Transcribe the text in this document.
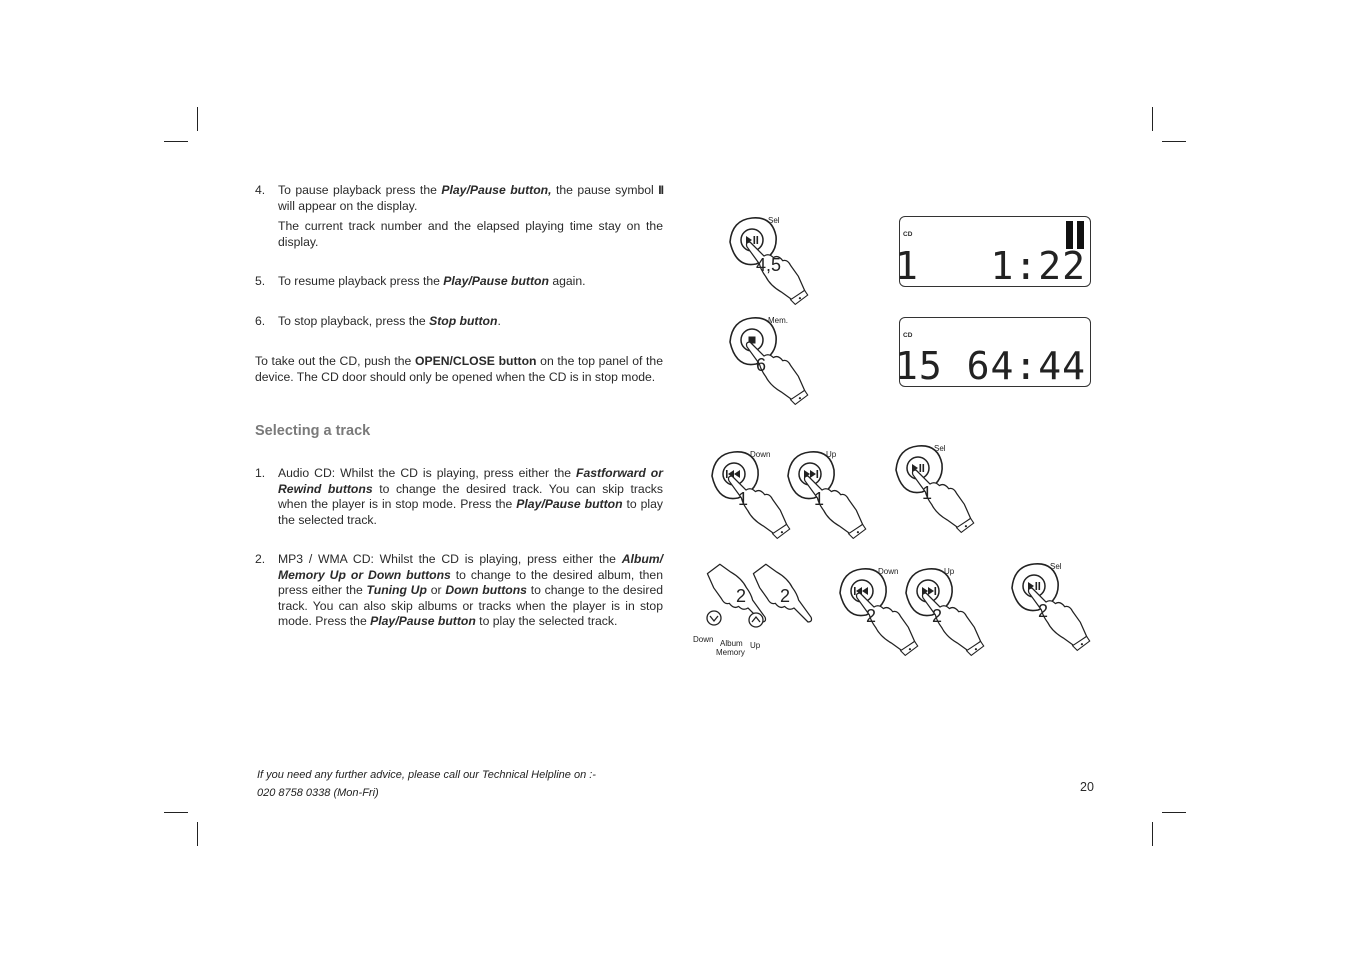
4.	To pause playback press the Play/Pause button, the pause symbol II will appear on the display.

The current track number and the elapsed playing time stay on the display.

5.	To resume playback press the Play/Pause button again.

6.	To stop playback, press the Stop button.

To take out the CD, push the OPEN/CLOSE button on the top panel of the device. The CD door should only be opened when the CD is in stop mode.
Selecting a track
1.	Audio CD: Whilst the CD is playing, press either the Fastforward or Rewind buttons to change the desired track. You can skip tracks when the player is in stop mode. Press the Play/Pause button to play the selected track.

2.	MP3 / WMA CD: Whilst the CD is playing, press either the Album/ Memory Up or Down buttons to change to the desired album, then press either the Tuning Up or Down buttons to change to the desired track. You can also skip albums or tracks when the player is in stop mode. Press the Play/Pause button to play the selected track.

If you need any further advice, please call our Technical Helpline on :-
020 8758 0338 (Mon-Fri)	20
CD
1   1:22
CD
15 64:44
Sel
4,5
Mem.
6
Down
1
Up
1
Sel
1
Down
2
Up
2
Sel
2
Down Album
Memory
Up
2 2
